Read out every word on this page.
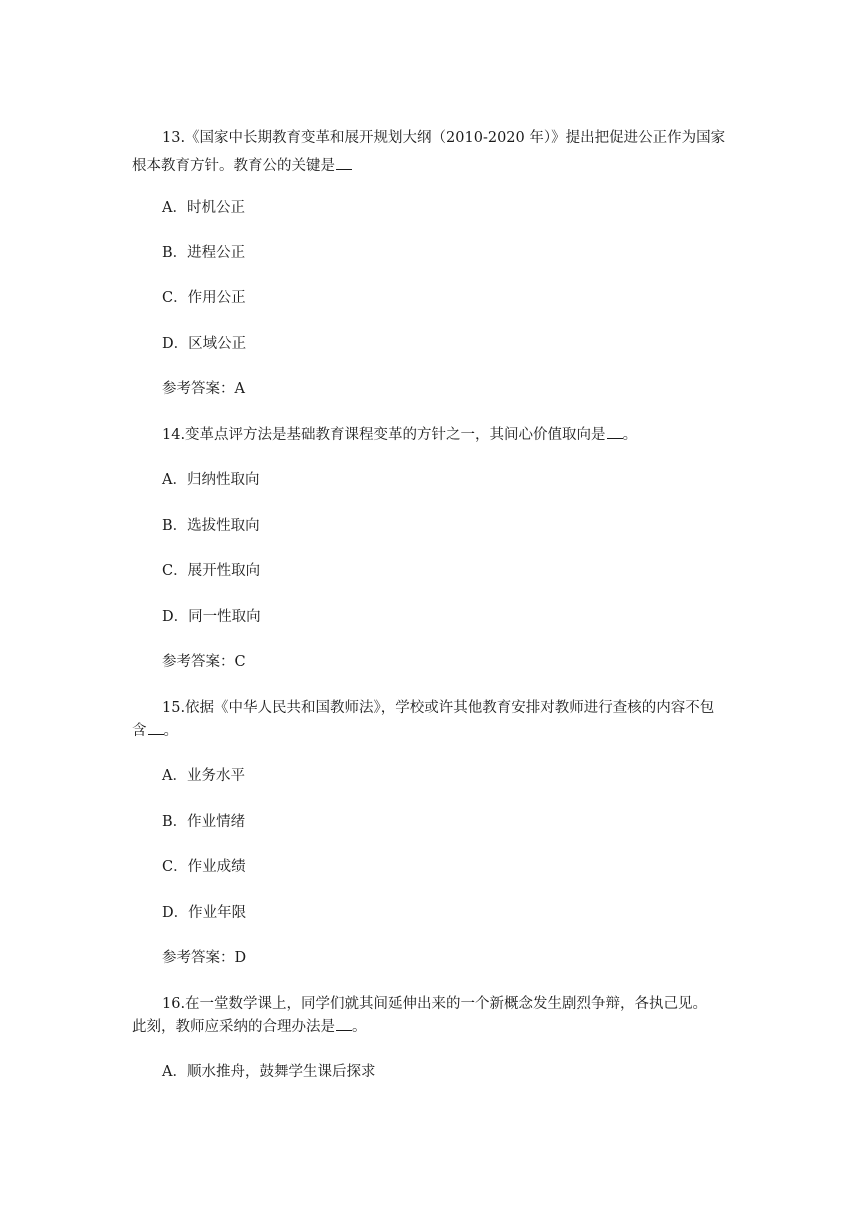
13.《国家中长期教育变革和展开规划大纲（2010-2020 年）》提出把促进公正作为国家
根本教育方针。教育公的关键是
A．时机公正
B．进程公正
C．作用公正
D．区域公正
参考答案：A
14.变革点评方法是基础教育课程变革的方针之一，其间心价值取向是 。
A．归纳性取向
B．选拔性取向
C．展开性取向
D．同一性取向
参考答案：C
15.依据《中华人民共和国教师法》，学校或许其他教育安排对教师进行查核的内容不包
含 。
A．业务水平
B．作业情绪
C．作业成绩
D．作业年限
参考答案：D
16.在一堂数学课上，同学们就其间延伸出来的一个新概念发生剧烈争辩，各执己见。
此刻，教师应采纳的合理办法是 。
A．顺水推舟，鼓舞学生课后探求
